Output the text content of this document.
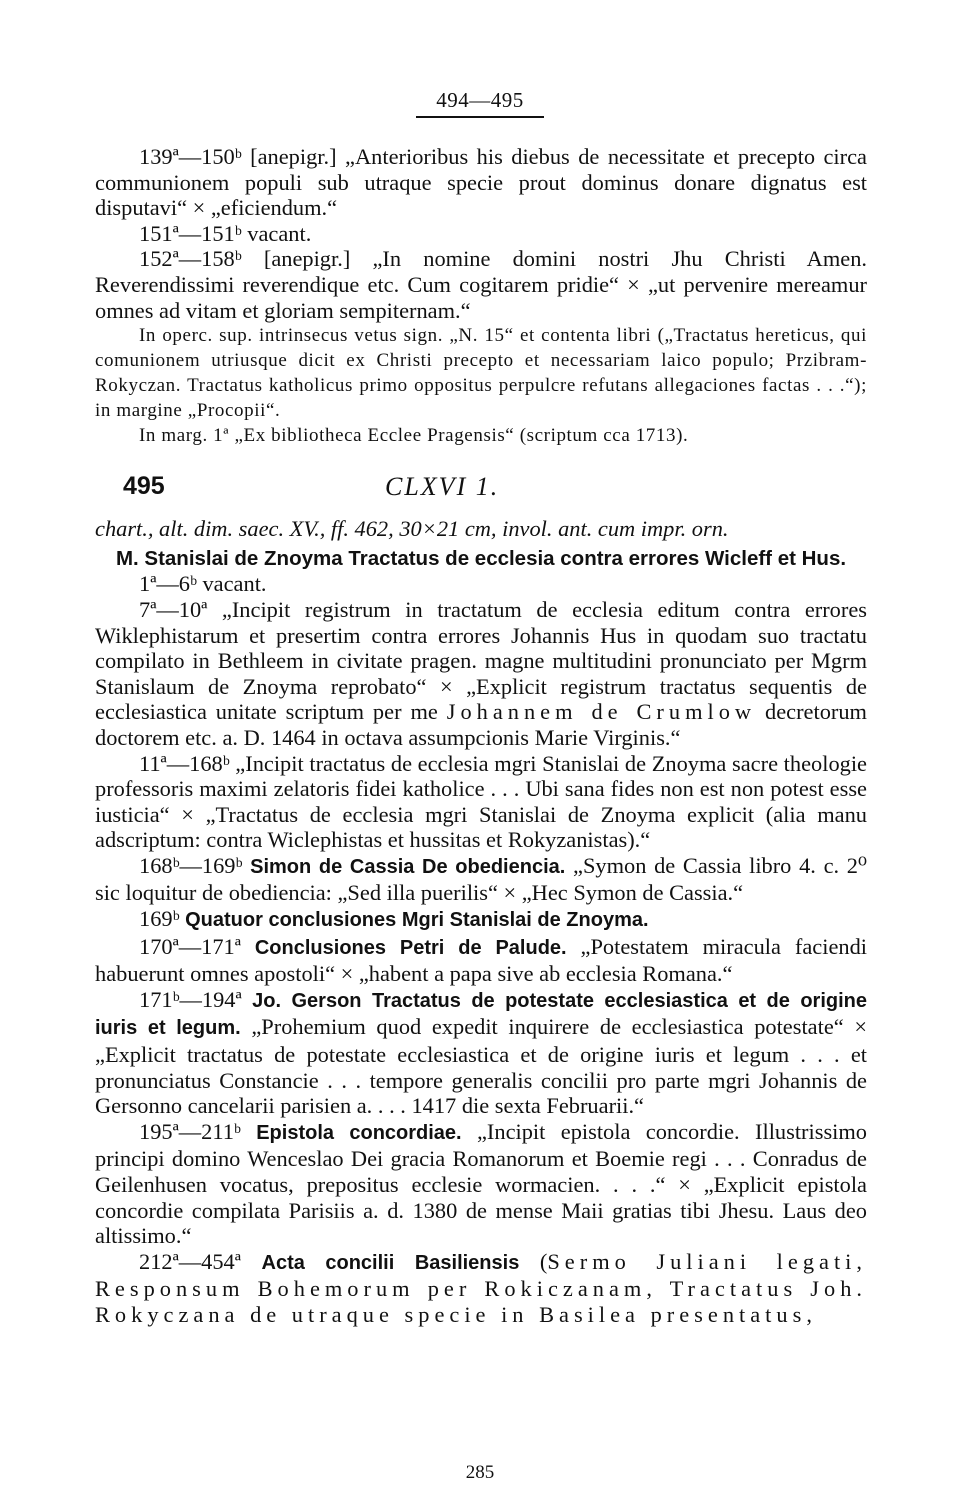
494—495

139ª—150ᵇ [anepigr.] „Anterioribus his diebus de necessitate et precepto circa communionem populi sub utraque specie prout dominus donare dignatus est disputavi“ × „eficiendum.“

151ª—151ᵇ vacant.

152ª—158ᵇ [anepigr.] „In nomine domini nostri Jhu Christi Amen. Reverendissimi reverendique etc. Cum cogitarem pridie“ × „ut pervenire mereamur omnes ad vitam et gloriam sempiternam.“

In operc. sup. intrinsecus vetus sign. „N. 15“ et contenta libri („Tractatus hereticus, qui comunionem utriusque dicit ex Christi precepto et necessariam laico populo; Przibram-Rokyczan. Tractatus katholicus primo oppositus perpulcre refutans allegaciones factas . . .“); in margine „Procopii“.

In marg. 1ª „Ex bibliotheca Ecclee Pragensis“ (scriptum cca 1713).

495	CLXVI 1.

chart., alt. dim. saec. XV., ff. 462, 30×21 cm, invol. ant. cum impr. orn.

M. Stanislai de Znoyma Tractatus de ecclesia contra errores Wicleff et Hus.

1ª—6ᵇ vacant.

7ª—10ª „Incipit registrum in tractatum de ecclesia editum contra errores Wiklephistarum et presertim contra errores Johannis Hus in quodam suo tractatu compilato in Bethleem in civitate pragen. magne multitudini pronunciato per Mgrm Stanislaum de Znoyma reprobato“ × „Explicit registrum tractatus sequentis de ecclesiastica unitate scriptum per me Johannem de Crumlow decretorum doctorem etc. a. D. 1464 in octava assumpcionis Marie Virginis.“

11ª—168ᵇ „Incipit tractatus de ecclesia mgri Stanislai de Znoyma sacre theologie professoris maximi zelatoris fidei katholice . . . Ubi sana fides non est non potest esse iusticia“ × „Tractatus de ecclesia mgri Stanislai de Znoyma explicit (alia manu adscriptum: contra Wiclephistas et hussitas et Rokyzanistas).“

168ᵇ—169ᵇ Simon de Cassia De obediencia. „Symon de Cassia libro 4. c. 2⁰ sic loquitur de obediencia: „Sed illa puerilis“ × „Hec Symon de Cassia.“

169ᵇ Quatuor conclusiones Mgri Stanislai de Znoyma.

170ª—171ª Conclusiones Petri de Palude. „Potestatem miracula faciendi habuerunt omnes apostoli“ × „habent a papa sive ab ecclesia Romana.“

171ᵇ—194ª Jo. Gerson Tractatus de potestate ecclesiastica et de origine iuris et legum. „Prohemium quod expedit inquirere de ecclesiastica potestate“ × „Explicit tractatus de potestate ecclesiastica et de origine iuris et legum . . . et pronunciatus Constancie . . . tempore generalis concilii pro parte mgri Johannis de Gersonno cancelarii parisien a. . . . 1417 die sexta Februarii.“

195ª—211ᵇ Epistola concordiae. „Incipit epistola concordie. Illustrissimo principi domino Wenceslao Dei gracia Romanorum et Boemie regi . . . Conradus de Geilenhusen vocatus, prepositus ecclesie wormacien. . . .“ × „Explicit epistola concordie compilata Parisiis a. d. 1380 de mense Maii gratias tibi Jhesu. Laus deo altissimo.“

212ª—454ª Acta concilii Basiliensis (Sermo Juliani legati, Responsum Bohemorum per Rokiczanam, Tractatus Joh. Rokyczana de utraque specie in Basilea presentatus,

285
